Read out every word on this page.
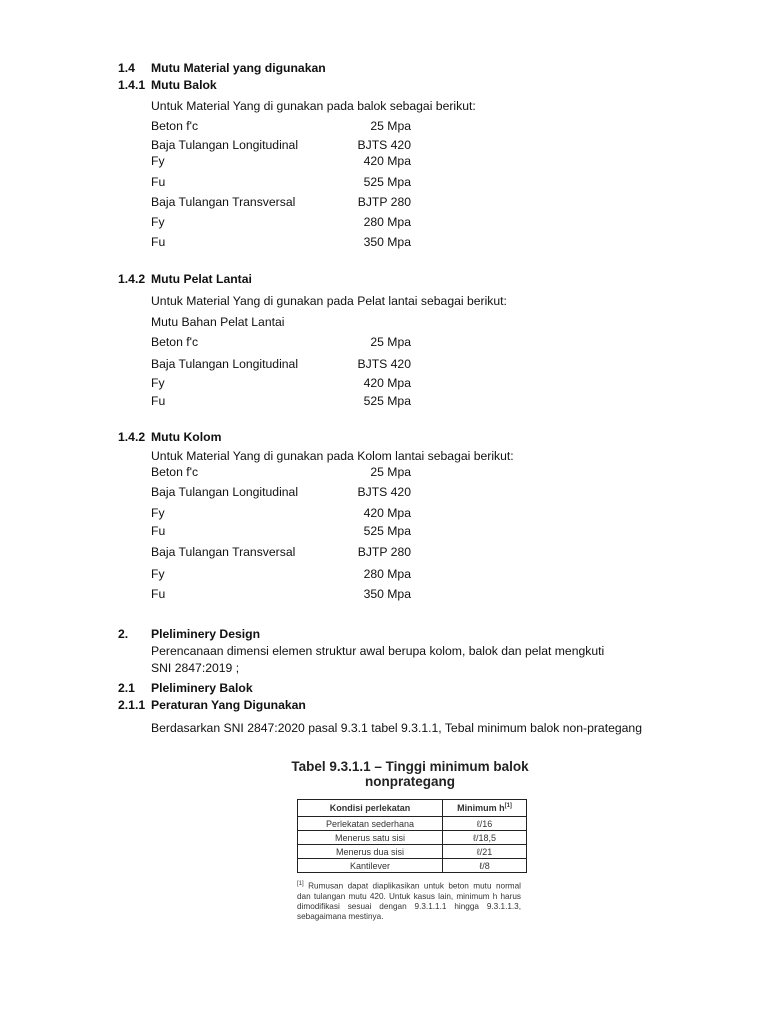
1.4 Mutu Material yang digunakan
1.4.1 Mutu Balok
Untuk Material Yang di gunakan pada balok sebagai berikut:
Beton f'c	25 Mpa
Baja Tulangan Longitudinal	BJTS 420
Fy	420 Mpa
Fu	525 Mpa
Baja Tulangan Transversal	BJTP 280
Fy	280 Mpa
Fu	350 Mpa
1.4.2 Mutu Pelat Lantai
Untuk Material Yang di gunakan pada Pelat lantai sebagai berikut:
Mutu Bahan Pelat Lantai
Beton f'c	25 Mpa
Baja Tulangan Longitudinal	BJTS 420
Fy	420 Mpa
Fu	525 Mpa
1.4.2 Mutu Kolom
Untuk Material Yang di gunakan pada Kolom lantai sebagai berikut:
Beton f'c	25 Mpa
Baja Tulangan Longitudinal	BJTS 420
Fy	420 Mpa
Fu	525 Mpa
Baja Tulangan Transversal	BJTP 280
Fy	280 Mpa
Fu	350 Mpa
2. Pleliminery Design
Perencanaan dimensi elemen struktur awal berupa kolom, balok dan pelat mengkuti SNI 2847:2019 ;
2.1 Pleliminery Balok
2.1.1 Peraturan Yang Digunakan
Berdasarkan SNI 2847:2020 pasal 9.3.1 tabel 9.3.1.1, Tebal minimum balok non-prategang
Tabel 9.3.1.1 – Tinggi minimum balok
nonprategang
Kondisi perlekatan	Minimum h[1]
Perlekatan sederhana	ℓ/16
Menerus satu sisi	ℓ/18,5
Menerus dua sisi	ℓ/21
Kantilever	ℓ/8
[1] Rumusan dapat diaplikasikan untuk beton mutu normal dan tulangan mutu 420. Untuk kasus lain, minimum h harus dimodifikasi sesuai dengan 9.3.1.1.1 hingga 9.3.1.1.3, sebagaimana mestinya.
